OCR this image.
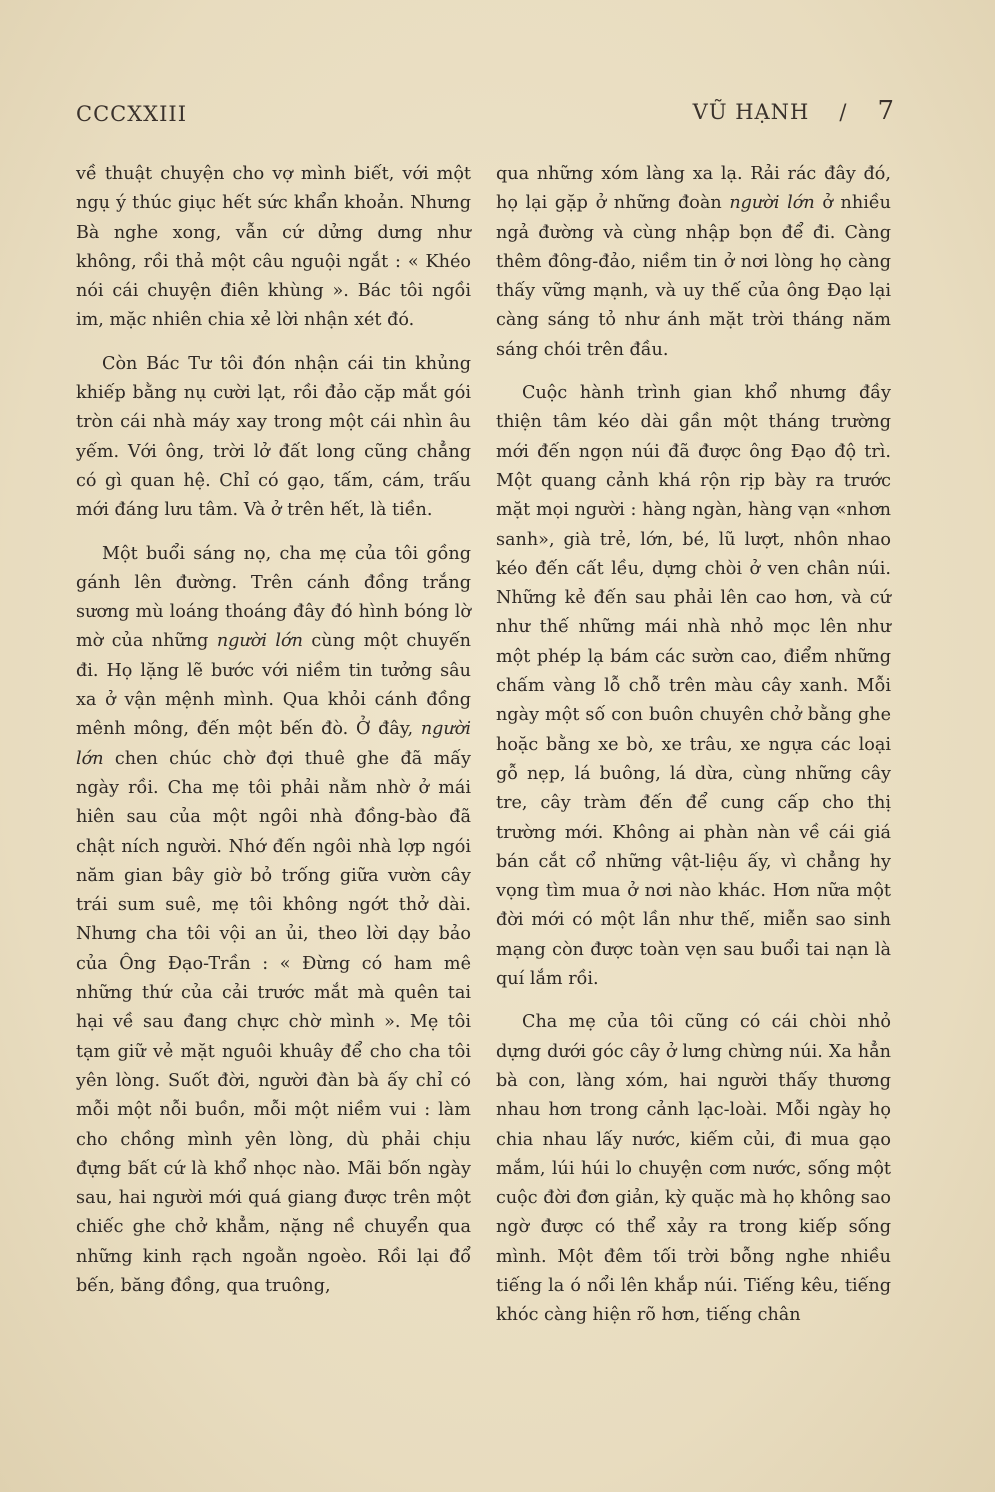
CCCXXIII	VŨ HẠNH / 7

về thuật chuyện cho vợ mình biết, với một ngụ ý thúc giục hết sức khẩn khoản. Nhưng Bà nghe xong, vẫn cứ dửng dưng như không, rồi thả một câu nguội ngắt : « Khéo nói cái chuyện điên khùng ». Bác tôi ngồi im, mặc nhiên chia xẻ lời nhận xét đó.

Còn Bác Tư tôi đón nhận cái tin khủng khiếp bằng nụ cười lạt, rồi đảo cặp mắt gói tròn cái nhà máy xay trong một cái nhìn âu yếm. Với ông, trời lở đất long cũng chẳng có gì quan hệ. Chỉ có gạo, tấm, cám, trấu mới đáng lưu tâm. Và ở trên hết, là tiền.

Một buổi sáng nọ, cha mẹ của tôi gồng gánh lên đường. Trên cánh đồng trắng sương mù loáng thoáng đây đó hình bóng lờ mờ của những người lớn cùng một chuyến đi. Họ lặng lẽ bước với niềm tin tưởng sâu xa ở vận mệnh mình. Qua khỏi cánh đồng mênh mông, đến một bến đò. Ở đây, người lớn chen chúc chờ đợi thuê ghe đã mấy ngày rồi. Cha mẹ tôi phải nằm nhờ ở mái hiên sau của một ngôi nhà đồng-bào đã chật ních người. Nhớ đến ngôi nhà lợp ngói năm gian bây giờ bỏ trống giữa vườn cây trái sum suê, mẹ tôi không ngớt thở dài. Nhưng cha tôi vội an ủi, theo lời dạy bảo của Ông Đạo-Trần : « Đừng có ham mê những thứ của cải trước mắt mà quên tai hại về sau đang chực chờ mình ». Mẹ tôi tạm giữ vẻ mặt nguôi khuây để cho cha tôi yên lòng. Suốt đời, người đàn bà ấy chỉ có mỗi một nỗi buồn, mỗi một niềm vui : làm cho chồng mình yên lòng, dù phải chịu đựng bất cứ là khổ nhọc nào. Mãi bốn ngày sau, hai người mới quá giang được trên một chiếc ghe chở khẳm, nặng nề chuyển qua những kinh rạch ngoằn ngoèo. Rồi lại đổ bến, băng đồng, qua truông,

qua những xóm làng xa lạ. Rải rác đây đó, họ lại gặp ở những đoàn người lớn ở nhiều ngả đường và cùng nhập bọn để đi. Càng thêm đông-đảo, niềm tin ở nơi lòng họ càng thấy vững mạnh, và uy thế của ông Đạo lại càng sáng tỏ như ánh mặt trời tháng năm sáng chói trên đầu.

Cuộc hành trình gian khổ nhưng đầy thiện tâm kéo dài gần một tháng trường mới đến ngọn núi đã được ông Đạo độ trì. Một quang cảnh khá rộn rịp bày ra trước mặt mọi người : hàng ngàn, hàng vạn «nhơn sanh», già trẻ, lớn, bé, lũ lượt, nhôn nhao kéo đến cất lều, dựng chòi ở ven chân núi. Những kẻ đến sau phải lên cao hơn, và cứ như thế những mái nhà nhỏ mọc lên như một phép lạ bám các sườn cao, điểm những chấm vàng lỗ chỗ trên màu cây xanh. Mỗi ngày một số con buôn chuyên chở bằng ghe hoặc bằng xe bò, xe trâu, xe ngựa các loại gỗ nẹp, lá buông, lá dừa, cùng những cây tre, cây tràm đến để cung cấp cho thị trường mới. Không ai phàn nàn về cái giá bán cắt cổ những vật-liệu ấy, vì chẳng hy vọng tìm mua ở nơi nào khác. Hơn nữa một đời mới có một lần như thế, miễn sao sinh mạng còn được toàn vẹn sau buổi tai nạn là quí lắm rồi.

Cha mẹ của tôi cũng có cái chòi nhỏ dựng dưới góc cây ở lưng chừng núi. Xa hẳn bà con, làng xóm, hai người thấy thương nhau hơn trong cảnh lạc-loài. Mỗi ngày họ chia nhau lấy nước, kiếm củi, đi mua gạo mắm, lúi húi lo chuyện cơm nước, sống một cuộc đời đơn giản, kỳ quặc mà họ không sao ngờ được có thể xảy ra trong kiếp sống mình. Một đêm tối trời bỗng nghe nhiều tiếng la ó nổi lên khắp núi. Tiếng kêu, tiếng khóc càng hiện rõ hơn, tiếng chân
